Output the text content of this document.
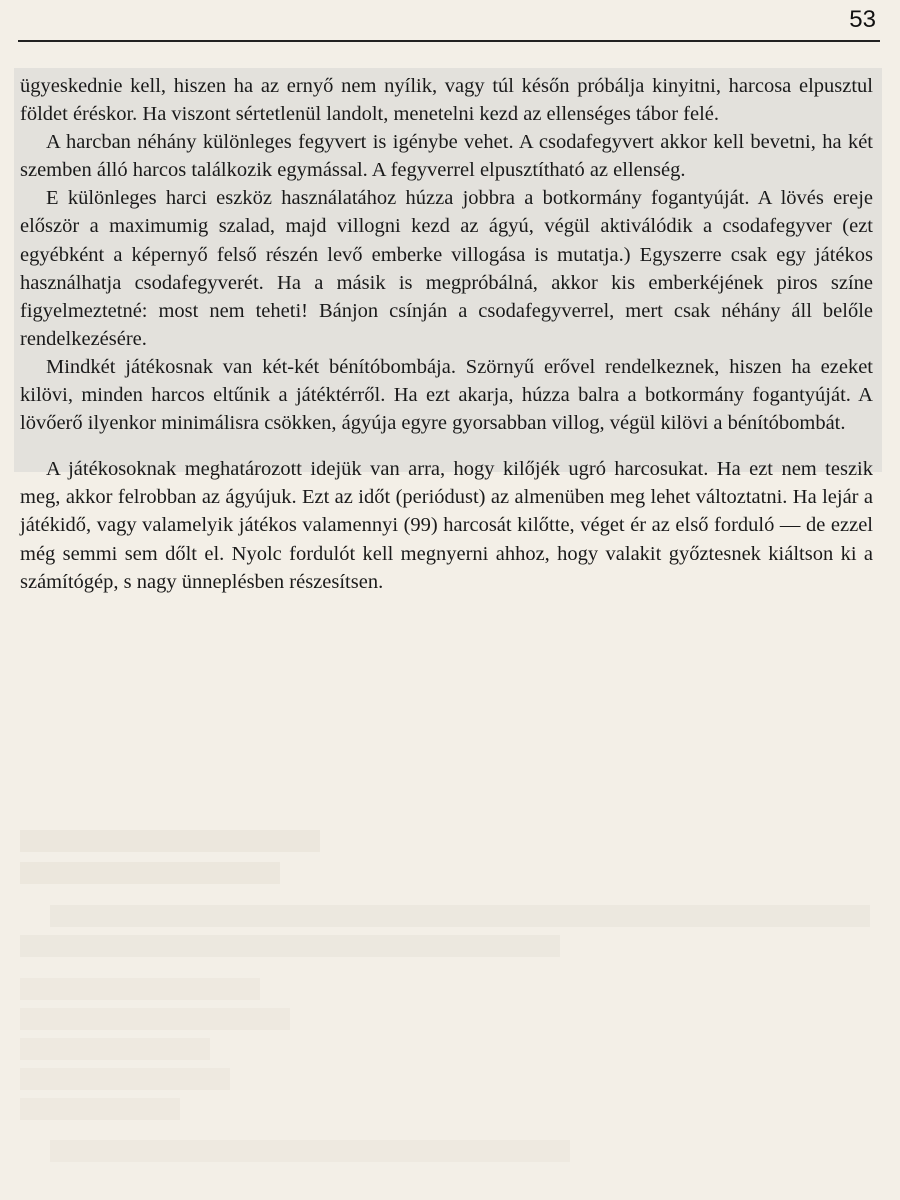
53

ügyeskednie kell, hiszen ha az ernyő nem nyílik, vagy túl későn próbálja kinyitni, harcosa elpusztul földet éréskor. Ha viszont sértetlenül landolt, menetelni kezd az ellenséges tábor felé.

A harcban néhány különleges fegyvert is igénybe vehet. A csodafegyvert akkor kell bevetni, ha két szemben álló harcos találkozik egymással. A fegyverrel elpusztítható az ellenség.

E különleges harci eszköz használatához húzza jobbra a botkormány fogantyúját. A lövés ereje először a maximumig szalad, majd villogni kezd az ágyú, végül aktiválódik a csodafegyver (ezt egyébként a képernyő felső részén levő emberke villogása is mutatja.) Egyszerre csak egy játékos használhatja csodafegyverét. Ha a másik is megpróbálná, akkor kis emberkéjének piros színe figyelmeztetné: most nem teheti! Bánjon csínján a csodafegyverrel, mert csak néhány áll belőle rendelkezésére.

Mindkét játékosnak van két-két bénítóbombája. Szörnyű erővel rendelkeznek, hiszen ha ezeket kilövi, minden harcos eltűnik a játéktérről. Ha ezt akarja, húzza balra a botkormány fogantyúját. A lövőerő ilyenkor minimálisra csökken, ágyúja egyre gyorsabban villog, végül kilövi a bénítóbombát.

A játékosoknak meghatározott idejük van arra, hogy kilőjék ugró harcosukat. Ha ezt nem teszik meg, akkor felrobban az ágyújuk. Ezt az időt (periódust) az almenüben meg lehet változtatni. Ha lejár a játékidő, vagy valamelyik játékos valamennyi (99) harcosát kilőtte, véget ér az első forduló — de ezzel még semmi sem dőlt el. Nyolc fordulót kell megnyerni ahhoz, hogy valakit győztesnek kiáltson ki a számítógép, s nagy ünneplésben részesítsen.
